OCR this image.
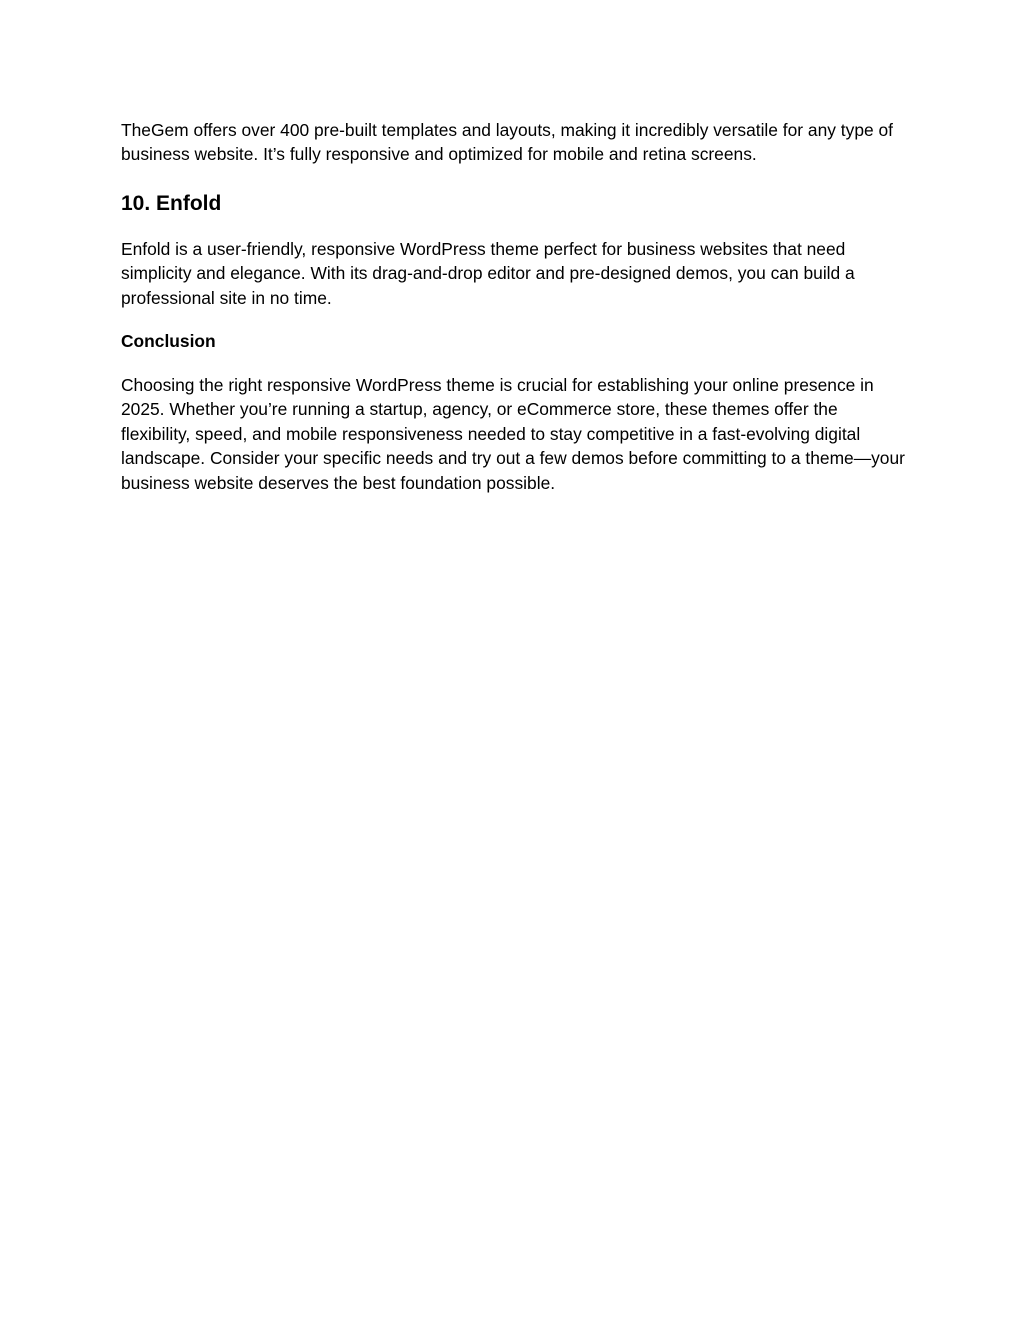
TheGem offers over 400 pre-built templates and layouts, making it incredibly versatile for any type of business website. It’s fully responsive and optimized for mobile and retina screens.

10. Enfold

Enfold is a user-friendly, responsive WordPress theme perfect for business websites that need simplicity and elegance. With its drag-and-drop editor and pre-designed demos, you can build a professional site in no time.

Conclusion

Choosing the right responsive WordPress theme is crucial for establishing your online presence in 2025. Whether you’re running a startup, agency, or eCommerce store, these themes offer the flexibility, speed, and mobile responsiveness needed to stay competitive in a fast-evolving digital landscape. Consider your specific needs and try out a few demos before committing to a theme—your business website deserves the best foundation possible.
